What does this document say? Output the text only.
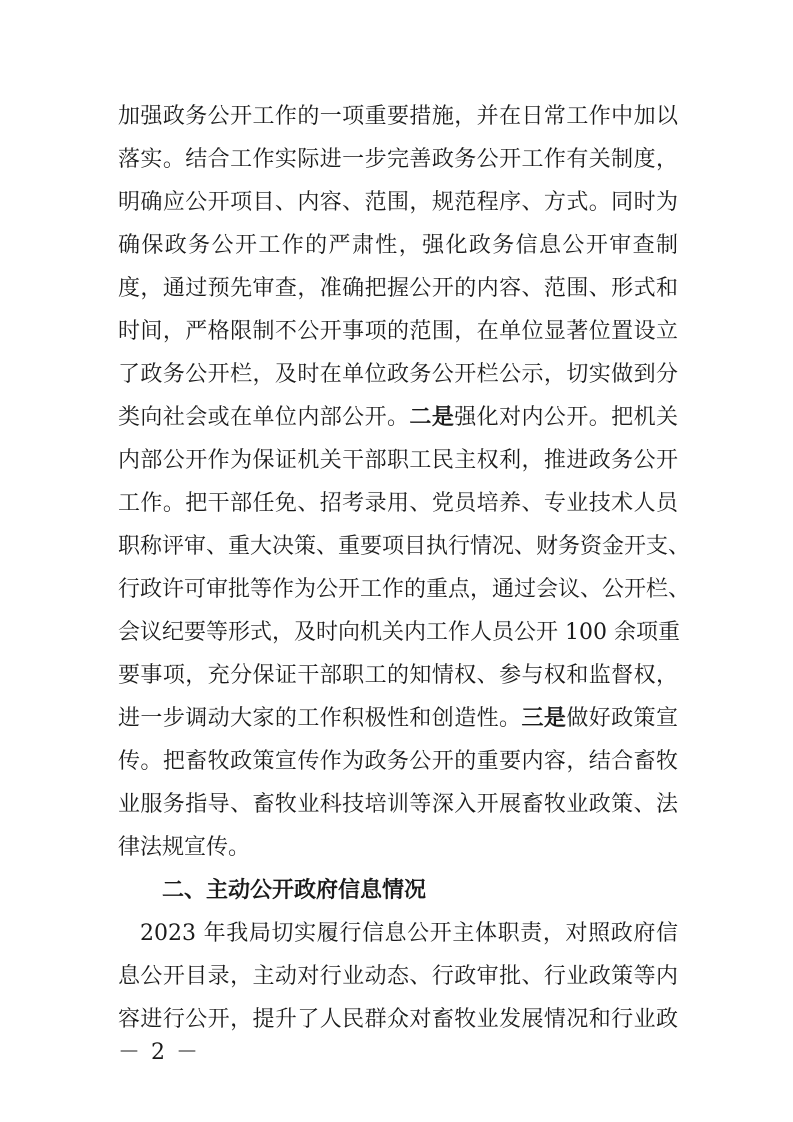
加强政务公开工作的一项重要措施，并在日常工作中加以
落实。结合工作实际进一步完善政务公开工作有关制度，
明确应公开项目、内容、范围，规范程序、方式。同时为
确保政务公开工作的严肃性，强化政务信息公开审查制
度，通过预先审查，准确把握公开的内容、范围、形式和
时间，严格限制不公开事项的范围，在单位显著位置设立
了政务公开栏，及时在单位政务公开栏公示，切实做到分
类向社会或在单位内部公开。二是强化对内公开。把机关
内部公开作为保证机关干部职工民主权利，推进政务公开
工作。把干部任免、招考录用、党员培养、专业技术人员
职称评审、重大决策、重要项目执行情况、财务资金开支、
行政许可审批等作为公开工作的重点，通过会议、公开栏、
会议纪要等形式，及时向机关内工作人员公开 100 余项重
要事项，充分保证干部职工的知情权、参与权和监督权，
进一步调动大家的工作积极性和创造性。三是做好政策宣
传。把畜牧政策宣传作为政务公开的重要内容，结合畜牧
业服务指导、畜牧业科技培训等深入开展畜牧业政策、法
律法规宣传。
二、主动公开政府信息情况
2023 年我局切实履行信息公开主体职责，对照政府信
息公开目录，主动对行业动态、行政审批、行业政策等内
容进行公开，提升了人民群众对畜牧业发展情况和行业政
－ 2 －
